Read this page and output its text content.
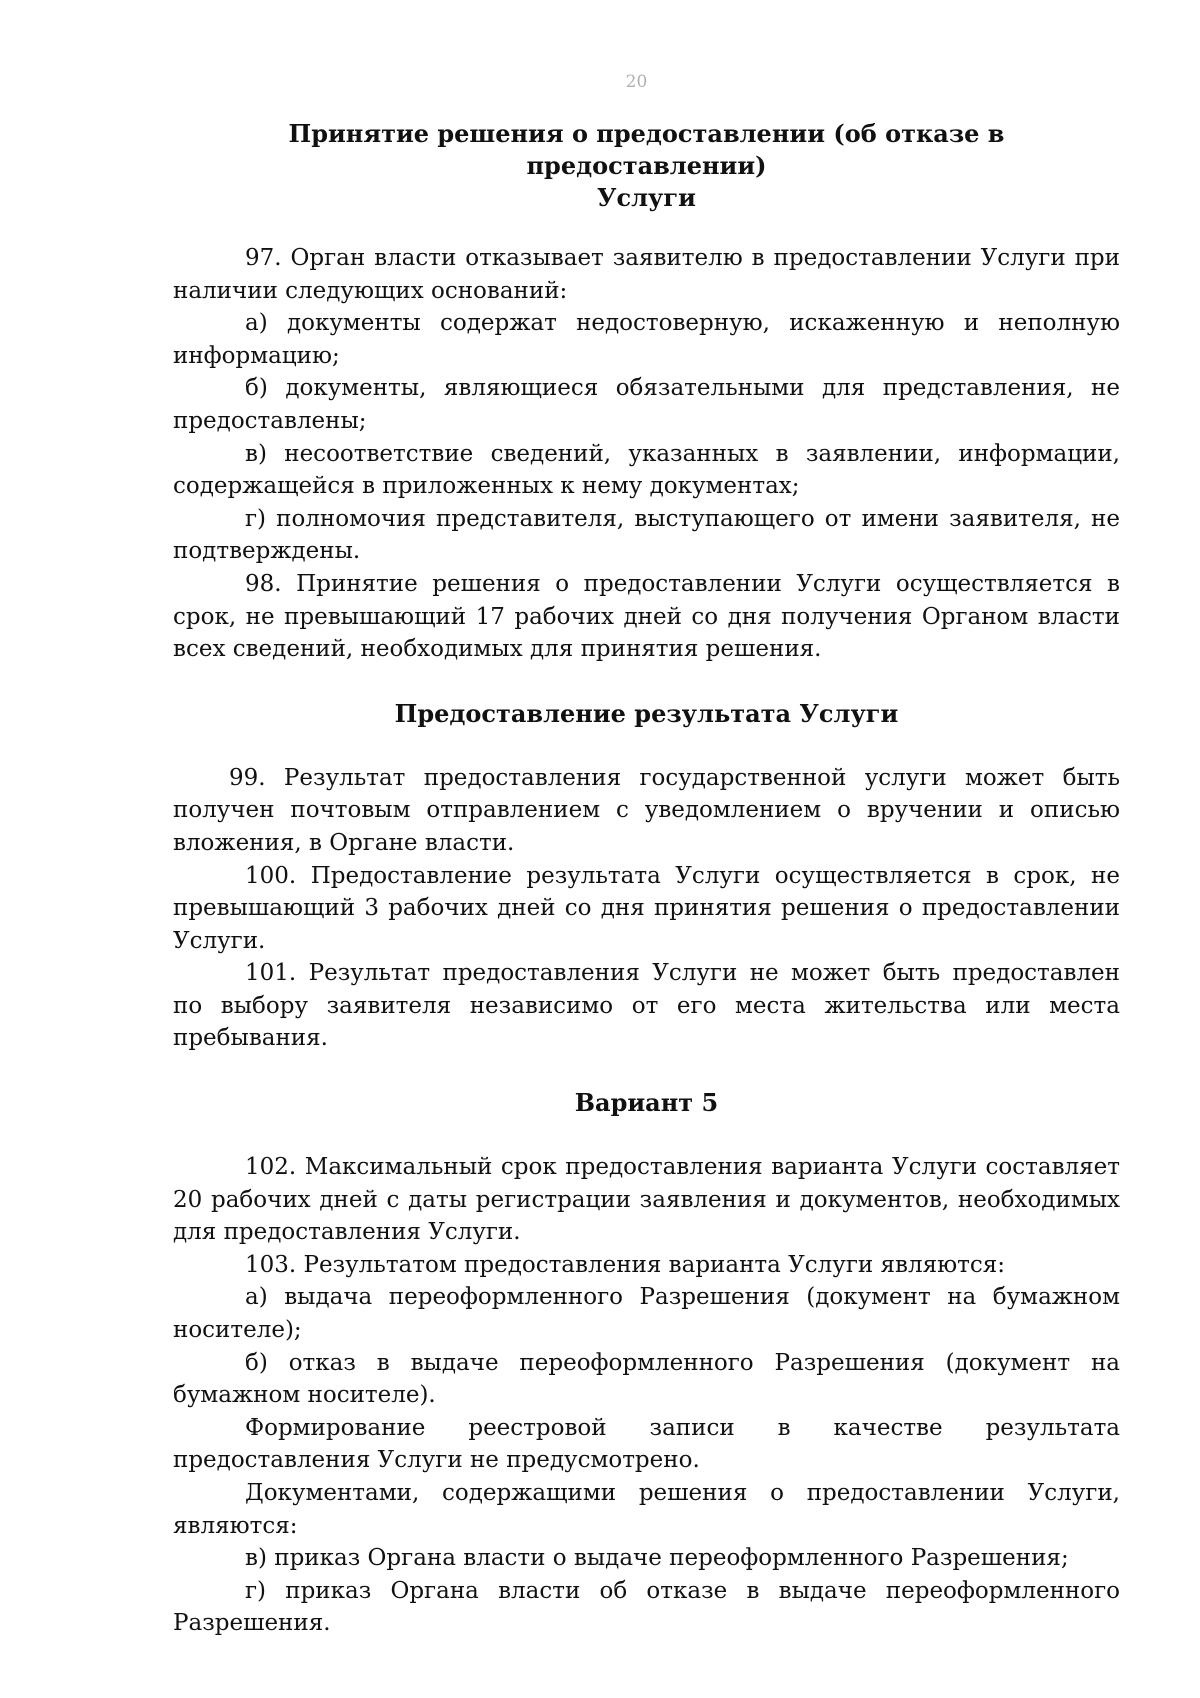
20
Принятие решения о предоставлении (об отказе в предоставлении)
Услуги

97. Орган власти отказывает заявителю в предоставлении Услуги при наличии следующих оснований:

а) документы содержат недостоверную, искаженную и неполную информацию;

б) документы, являющиеся обязательными для представления, не предоставлены;

в) несоответствие сведений, указанных в заявлении, информации, содержащейся в приложенных к нему документах;

г) полномочия представителя, выступающего от имени заявителя, не подтверждены.

98. Принятие решения о предоставлении Услуги осуществляется в срок, не превышающий 17 рабочих дней со дня получения Органом власти всех сведений, необходимых для принятия решения.

Предоставление результата Услуги

99. Результат предоставления государственной услуги может быть получен почтовым отправлением с уведомлением о вручении и описью вложения, в Органе власти.

100. Предоставление результата Услуги осуществляется в срок, не превышающий 3 рабочих дней со дня принятия решения о предоставлении Услуги.

101. Результат предоставления Услуги не может быть предоставлен по выбору заявителя независимо от его места жительства или места пребывания.

Вариант 5

102. Максимальный срок предоставления варианта Услуги составляет 20 рабочих дней с даты регистрации заявления и документов, необходимых для предоставления Услуги.

103. Результатом предоставления варианта Услуги являются:

а) выдача переоформленного Разрешения (документ на бумажном носителе);

б) отказ в выдаче переоформленного Разрешения (документ на бумажном носителе).

Формирование реестровой записи в качестве результата предоставления Услуги не предусмотрено.

Документами, содержащими решения о предоставлении Услуги, являются:

в) приказ Органа власти о выдаче переоформленного Разрешения;

г) приказ Органа власти об отказе в выдаче переоформленного Разрешения.
